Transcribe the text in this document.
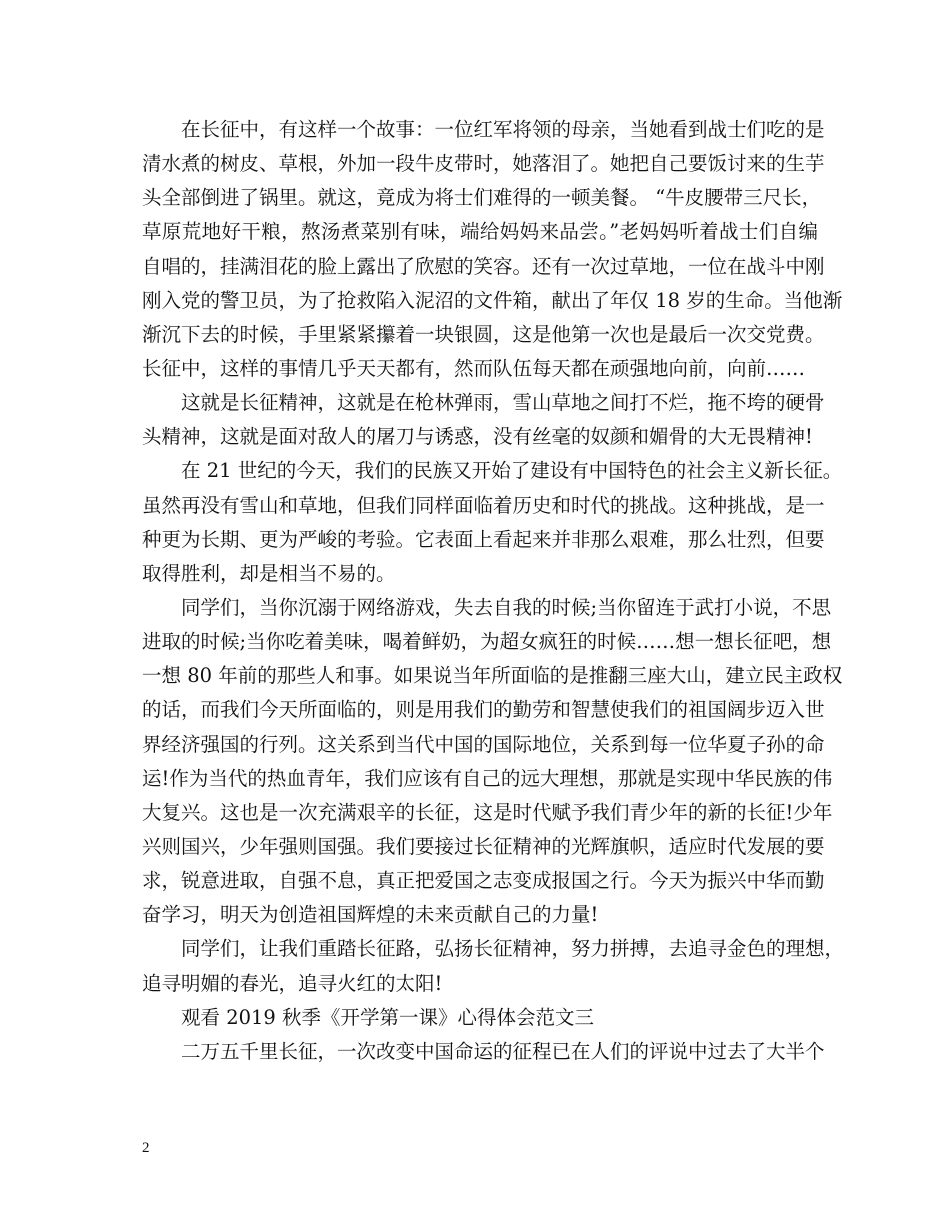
在长征中，有这样一个故事：一位红军将领的母亲，当她看到战士们吃的是
清水煮的树皮、草根，外加一段牛皮带时，她落泪了。她把自己要饭讨来的生芋
头全部倒进了锅里。就这，竟成为将士们难得的一顿美餐。 “牛皮腰带三尺长，
草原荒地好干粮，熬汤煮菜别有味，端给妈妈来品尝。”老妈妈听着战士们自编
自唱的，挂满泪花的脸上露出了欣慰的笑容。还有一次过草地，一位在战斗中刚
刚入党的警卫员，为了抢救陷入泥沼的文件箱，献出了年仅 18 岁的生命。当他渐
渐沉下去的时候，手里紧紧攥着一块银圆，这是他第一次也是最后一次交党费。
长征中，这样的事情几乎天天都有，然而队伍每天都在顽强地向前，向前……
这就是长征精神，这就是在枪林弹雨，雪山草地之间打不烂，拖不垮的硬骨
头精神，这就是面对敌人的屠刀与诱惑，没有丝毫的奴颜和媚骨的大无畏精神!
在 21 世纪的今天，我们的民族又开始了建设有中国特色的社会主义新长征。
虽然再没有雪山和草地，但我们同样面临着历史和时代的挑战。这种挑战，是一
种更为长期、更为严峻的考验。它表面上看起来并非那么艰难，那么壮烈，但要
取得胜利，却是相当不易的。
同学们，当你沉溺于网络游戏，失去自我的时候;当你留连于武打小说，不思
进取的时候;当你吃着美味，喝着鲜奶，为超女疯狂的时候……想一想长征吧，想
一想 80 年前的那些人和事。如果说当年所面临的是推翻三座大山，建立民主政权
的话，而我们今天所面临的，则是用我们的勤劳和智慧使我们的祖国阔步迈入世
界经济强国的行列。这关系到当代中国的国际地位，关系到每一位华夏子孙的命
运!作为当代的热血青年，我们应该有自己的远大理想，那就是实现中华民族的伟
大复兴。这也是一次充满艰辛的长征，这是时代赋予我们青少年的新的长征!少年
兴则国兴，少年强则国强。我们要接过长征精神的光辉旗帜，适应时代发展的要
求，锐意进取，自强不息，真正把爱国之志变成报国之行。今天为振兴中华而勤
奋学习，明天为创造祖国辉煌的未来贡献自己的力量!
同学们，让我们重踏长征路，弘扬长征精神，努力拼搏，去追寻金色的理想，
追寻明媚的春光，追寻火红的太阳!
观看 2019 秋季《开学第一课》心得体会范文三
二万五千里长征，一次改变中国命运的征程已在人们的评说中过去了大半个
2
